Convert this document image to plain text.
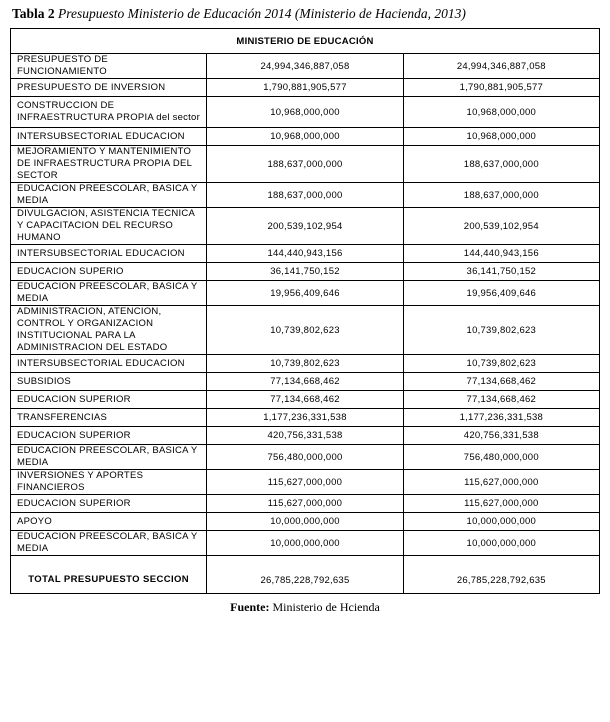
Tabla 2 Presupuesto Ministerio de Educación 2014 (Ministerio de Hacienda, 2013)
MINISTERIO DE EDUCACIÓN		
PRESUPUESTO DE FUNCIONAMIENTO	24,994,346,887,058	24,994,346,887,058
PRESUPUESTO DE INVERSION	1,790,881,905,577	1,790,881,905,577
CONSTRUCCION DE INFRAESTRUCTURA PROPIA del sector	10,968,000,000	10,968,000,000
INTERSUBSECTORIAL EDUCACION	10,968,000,000	10,968,000,000
MEJORAMIENTO Y MANTENIMIENTO DE INFRAESTRUCTURA PROPIA DEL SECTOR	188,637,000,000	188,637,000,000
EDUCACION PREESCOLAR, BASICA Y MEDIA	188,637,000,000	188,637,000,000
DIVULGACION, ASISTENCIA TECNICA Y CAPACITACION DEL RECURSO HUMANO	200,539,102,954	200,539,102,954
INTERSUBSECTORIAL EDUCACION	144,440,943,156	144,440,943,156
EDUCACION SUPERIO	36,141,750,152	36,141,750,152
EDUCACION PREESCOLAR, BASICA Y MEDIA	19,956,409,646	19,956,409,646
ADMINISTRACION, ATENCION, CONTROL Y ORGANIZACION INSTITUCIONAL PARA LA ADMINISTRACION DEL ESTADO	10,739,802,623	10,739,802,623
INTERSUBSECTORIAL EDUCACION	10,739,802,623	10,739,802,623
SUBSIDIOS	77,134,668,462	77,134,668,462
EDUCACION SUPERIOR	77,134,668,462	77,134,668,462
TRANSFERENCIAS	1,177,236,331,538	1,177,236,331,538
EDUCACION SUPERIOR	420,756,331,538	420,756,331,538
EDUCACION PREESCOLAR, BASICA Y MEDIA	756,480,000,000	756,480,000,000
INVERSIONES Y APORTES FINANCIEROS	115,627,000,000	115,627,000,000
EDUCACION SUPERIOR	115,627,000,000	115,627,000,000
APOYO	10,000,000,000	10,000,000,000
EDUCACION PREESCOLAR, BASICA Y MEDIA	10,000,000,000	10,000,000,000

TOTAL PRESUPUESTO SECCION	26,785,228,792,635	26,785,228,792,635
Fuente: Ministerio de Hcienda
